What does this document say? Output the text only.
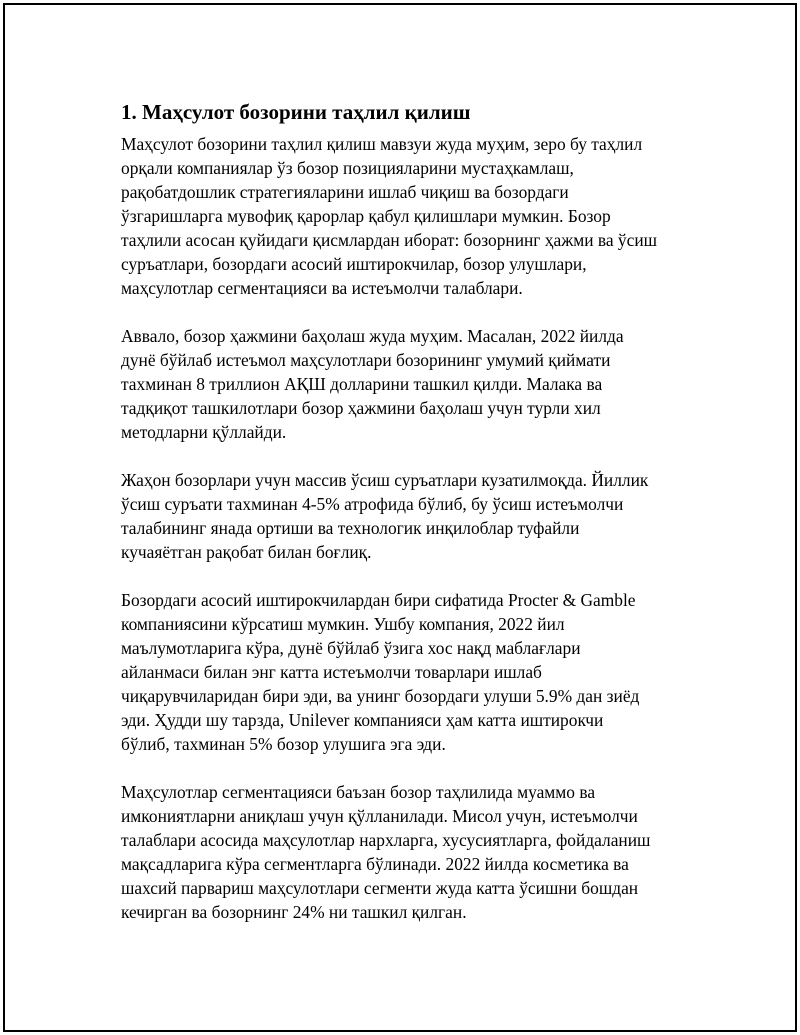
1. Маҳсулот бозорини таҳлил қилиш

Маҳсулот бозорини таҳлил қилиш мавзуи жуда муҳим, зеро бу таҳлил
орқали компаниялар ўз бозор позицияларини мустаҳкамлаш,
рақобатдошлик стратегияларини ишлаб чиқиш ва бозордаги
ўзгаришларга мувофиқ қарорлар қабул қилишлари мумкин. Бозор
таҳлили асосан қуйидаги қисмлардан иборат: бозорнинг ҳажми ва ўсиш
суръатлари, бозордаги асосий иштирокчилар, бозор улушлари,
маҳсулотлар сегментацияси ва истеъмолчи талаблари.

Аввало, бозор ҳажмини баҳолаш жуда муҳим. Масалан, 2022 йилда
дунё бўйлаб истеъмол маҳсулотлари бозорининг умумий қиймати
тахминан 8 триллион АҚШ долларини ташкил қилди. Малака ва
тадқиқот ташкилотлари бозор ҳажмини баҳолаш учун турли хил
методларни қўллайди.

Жаҳон бозорлари учун массив ўсиш суръатлари кузатилмоқда. Йиллик
ўсиш суръати тахминан 4-5% атрофида бўлиб, бу ўсиш истеъмолчи
талабининг янада ортиши ва технологик инқилоблар туфайли
кучаяётган рақобат билан боғлиқ.

Бозордаги асосий иштирокчилардан бири сифатида Procter & Gamble
компаниясини кўрсатиш мумкин. Ушбу компания, 2022 йил
маълумотларига кўра, дунё бўйлаб ўзига хос нақд маблағлари
айланмаси билан энг катта истеъмолчи товарлари ишлаб
чиқарувчиларидан бири эди, ва унинг бозордаги улуши 5.9% дан зиёд
эди. Ҳудди шу тарзда, Unilever компанияси ҳам катта иштирокчи
бўлиб, тахминан 5% бозор улушига эга эди.

Маҳсулотлар сегментацияси баъзан бозор таҳлилида муаммо ва
имкониятларни аниқлаш учун қўлланилади. Мисол учун, истеъмолчи
талаблари асосида маҳсулотлар нархларга, хусусиятларга, фойдаланиш
мақсадларига кўра сегментларга бўлинади. 2022 йилда косметика ва
шахсий парвариш маҳсулотлари сегменти жуда катта ўсишни бошдан
кечирган ва бозорнинг 24% ни ташкил қилган.
